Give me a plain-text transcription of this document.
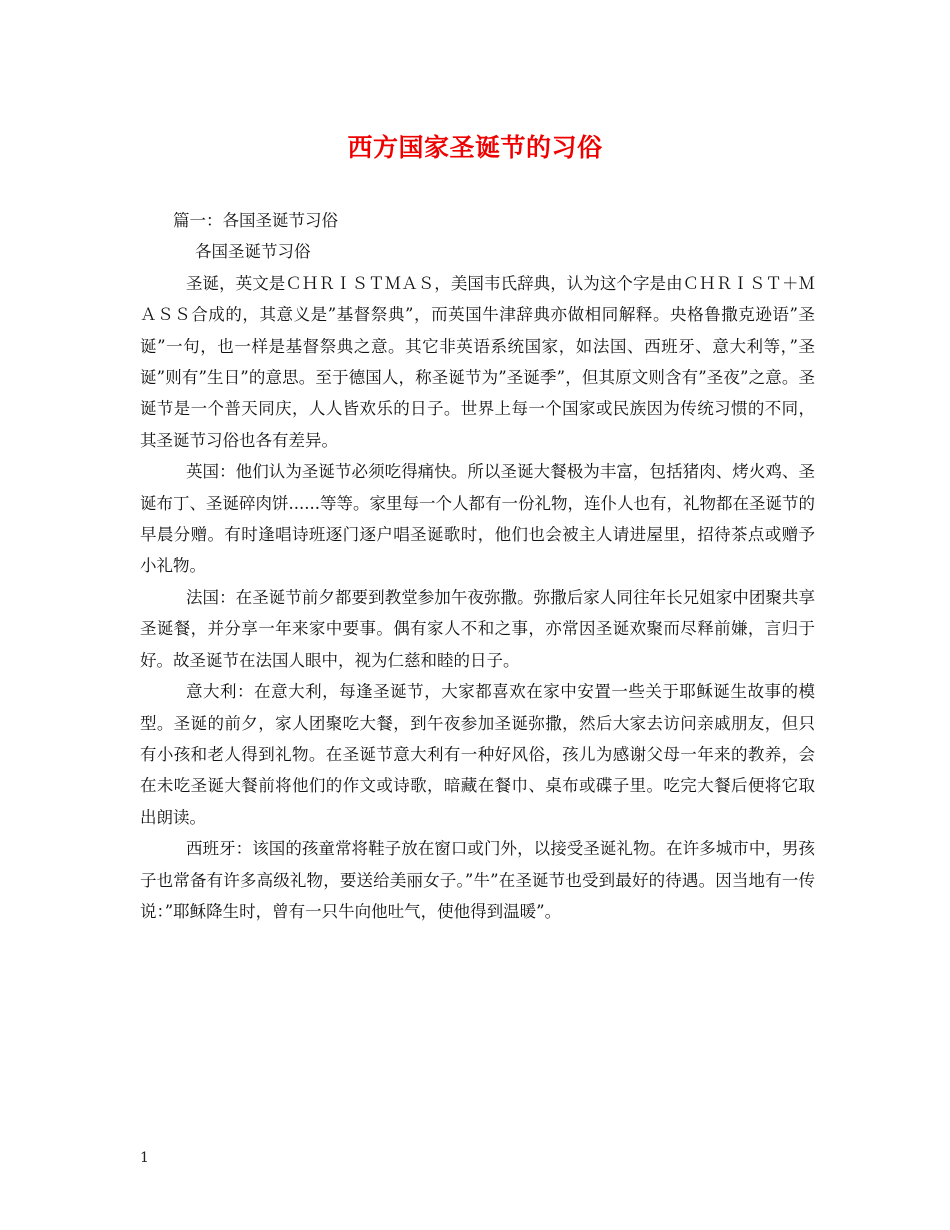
西方国家圣诞节的习俗

篇一：各国圣诞节习俗

各国圣诞节习俗

圣诞，英文是ＣＨＲＩＳＴＭＡＳ，美国韦氏辞典，认为这个字是由ＣＨＲＩＳＴ＋ＭＡＳＳ合成的，其意义是”基督祭典”，而英国牛津辞典亦做相同解释。央格鲁撒克逊语”圣诞”一句，也一样是基督祭典之意。其它非英语系统国家，如法国、西班牙、意大利等，”圣诞”则有”生日”的意思。至于德国人，称圣诞节为”圣诞季”，但其原文则含有”圣夜”之意。圣诞节是一个普天同庆，人人皆欢乐的日子。世界上每一个国家或民族因为传统习惯的不同，其圣诞节习俗也各有差异。

英国：他们认为圣诞节必须吃得痛快。所以圣诞大餐极为丰富，包括猪肉、烤火鸡、圣诞布丁、圣诞碎肉饼......等等。家里每一个人都有一份礼物，连仆人也有，礼物都在圣诞节的早晨分赠。有时逢唱诗班逐门逐户唱圣诞歌时，他们也会被主人请进屋里，招待茶点或赠予小礼物。

法国：在圣诞节前夕都要到教堂参加午夜弥撒。弥撒后家人同往年长兄姐家中团聚共享圣诞餐，并分享一年来家中要事。偶有家人不和之事，亦常因圣诞欢聚而尽释前嫌，言归于好。故圣诞节在法国人眼中，视为仁慈和睦的日子。

意大利：在意大利，每逢圣诞节，大家都喜欢在家中安置一些关于耶稣诞生故事的模型。圣诞的前夕，家人团聚吃大餐，到午夜参加圣诞弥撒，然后大家去访问亲戚朋友，但只有小孩和老人得到礼物。在圣诞节意大利有一种好风俗，孩儿为感谢父母一年来的教养，会在未吃圣诞大餐前将他们的作文或诗歌，暗藏在餐巾、桌布或碟子里。吃完大餐后便将它取出朗读。

西班牙：该国的孩童常将鞋子放在窗口或门外，以接受圣诞礼物。在许多城市中，男孩子也常备有许多高级礼物，要送给美丽女子。”牛”在圣诞节也受到最好的待遇。因当地有一传说：”耶稣降生时，曾有一只牛向他吐气，使他得到温暖”。

1
